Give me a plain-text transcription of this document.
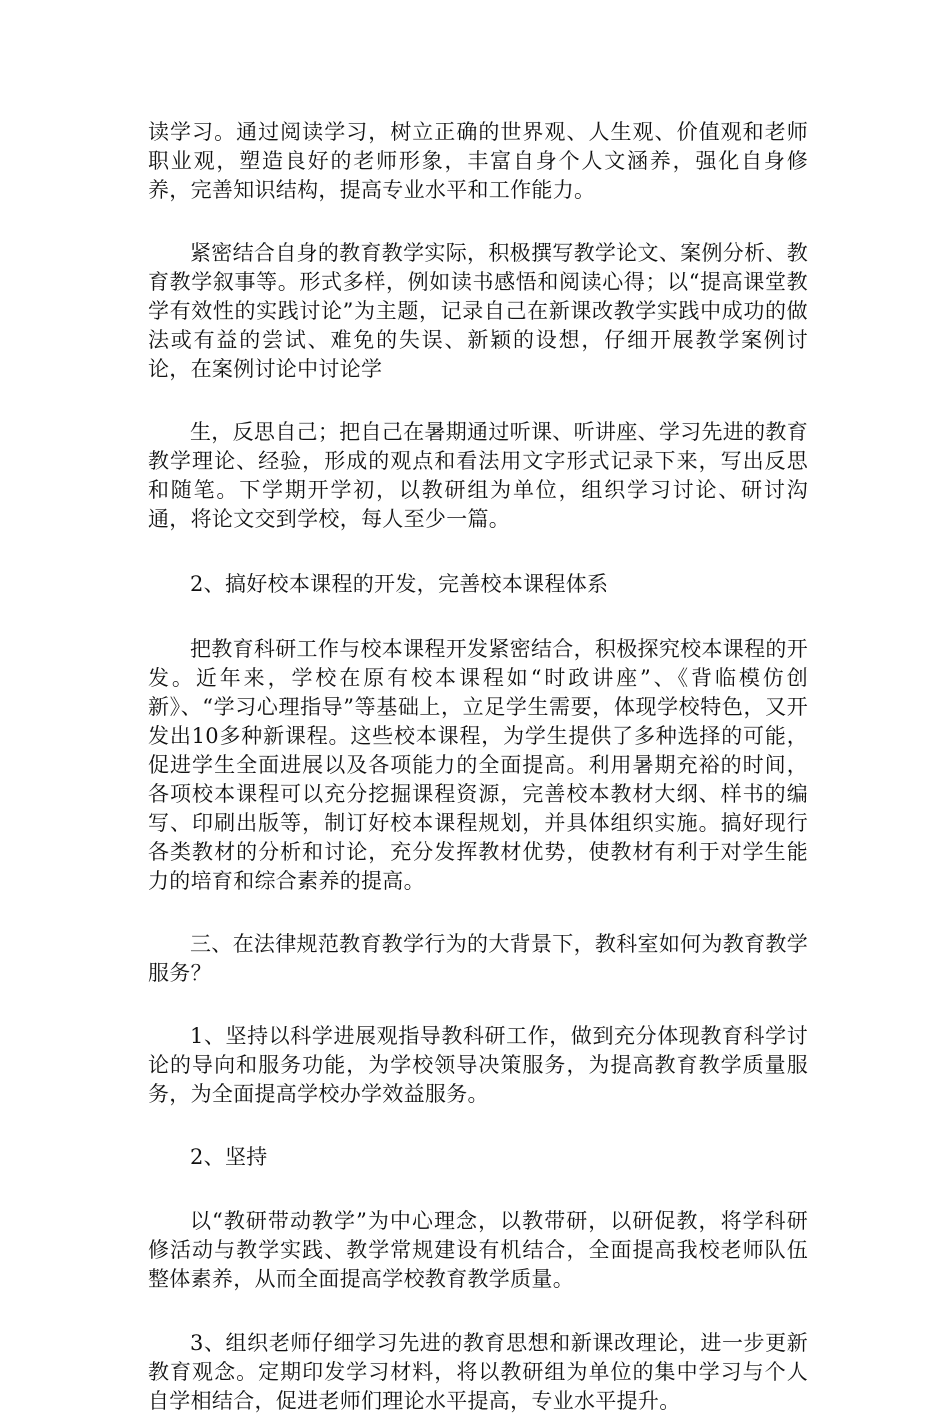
读学习。通过阅读学习，树立正确的世界观、人生观、价值观和老师职业观，塑造良好的老师形象，丰富自身个人文涵养，强化自身修养，完善知识结构，提高专业水平和工作能力。

紧密结合自身的教育教学实际，积极撰写教学论文、案例分析、教育教学叙事等。形式多样，例如读书感悟和阅读心得；以“提高课堂教学有效性的实践讨论”为主题，记录自己在新课改教学实践中成功的做法或有益的尝试、难免的失误、新颖的设想，仔细开展教学案例讨论，在案例讨论中讨论学

生，反思自己；把自己在暑期通过听课、听讲座、学习先进的教育教学理论、经验，形成的观点和看法用文字形式记录下来，写出反思和随笔。下学期开学初，以教研组为单位，组织学习讨论、研讨沟通，将论文交到学校，每人至少一篇。

2、搞好校本课程的开发，完善校本课程体系

把教育科研工作与校本课程开发紧密结合，积极探究校本课程的开发。近年来，学校在原有校本课程如“时政讲座”、《背临模仿创新》、“学习心理指导”等基础上，立足学生需要，体现学校特色，又开发出10多种新课程。这些校本课程，为学生提供了多种选择的可能，促进学生全面进展以及各项能力的全面提高。利用暑期充裕的时间，各项校本课程可以充分挖掘课程资源，完善校本教材大纲、样书的编写、印刷出版等，制订好校本课程规划，并具体组织实施。搞好现行各类教材的分析和讨论，充分发挥教材优势，使教材有利于对学生能力的培育和综合素养的提高。

三、在法律规范教育教学行为的大背景下，教科室如何为教育教学服务？

1、坚持以科学进展观指导教科研工作，做到充分体现教育科学讨论的导向和服务功能，为学校领导决策服务，为提高教育教学质量服务，为全面提高学校办学效益服务。

2、坚持

以“教研带动教学”为中心理念，以教带研，以研促教，将学科研修活动与教学实践、教学常规建设有机结合，全面提高我校老师队伍整体素养，从而全面提高学校教育教学质量。

3、组织老师仔细学习先进的教育思想和新课改理论，进一步更新教育观念。定期印发学习材料，将以教研组为单位的集中学习与个人自学相结合，促进老师们理论水平提高，专业水平提升。
